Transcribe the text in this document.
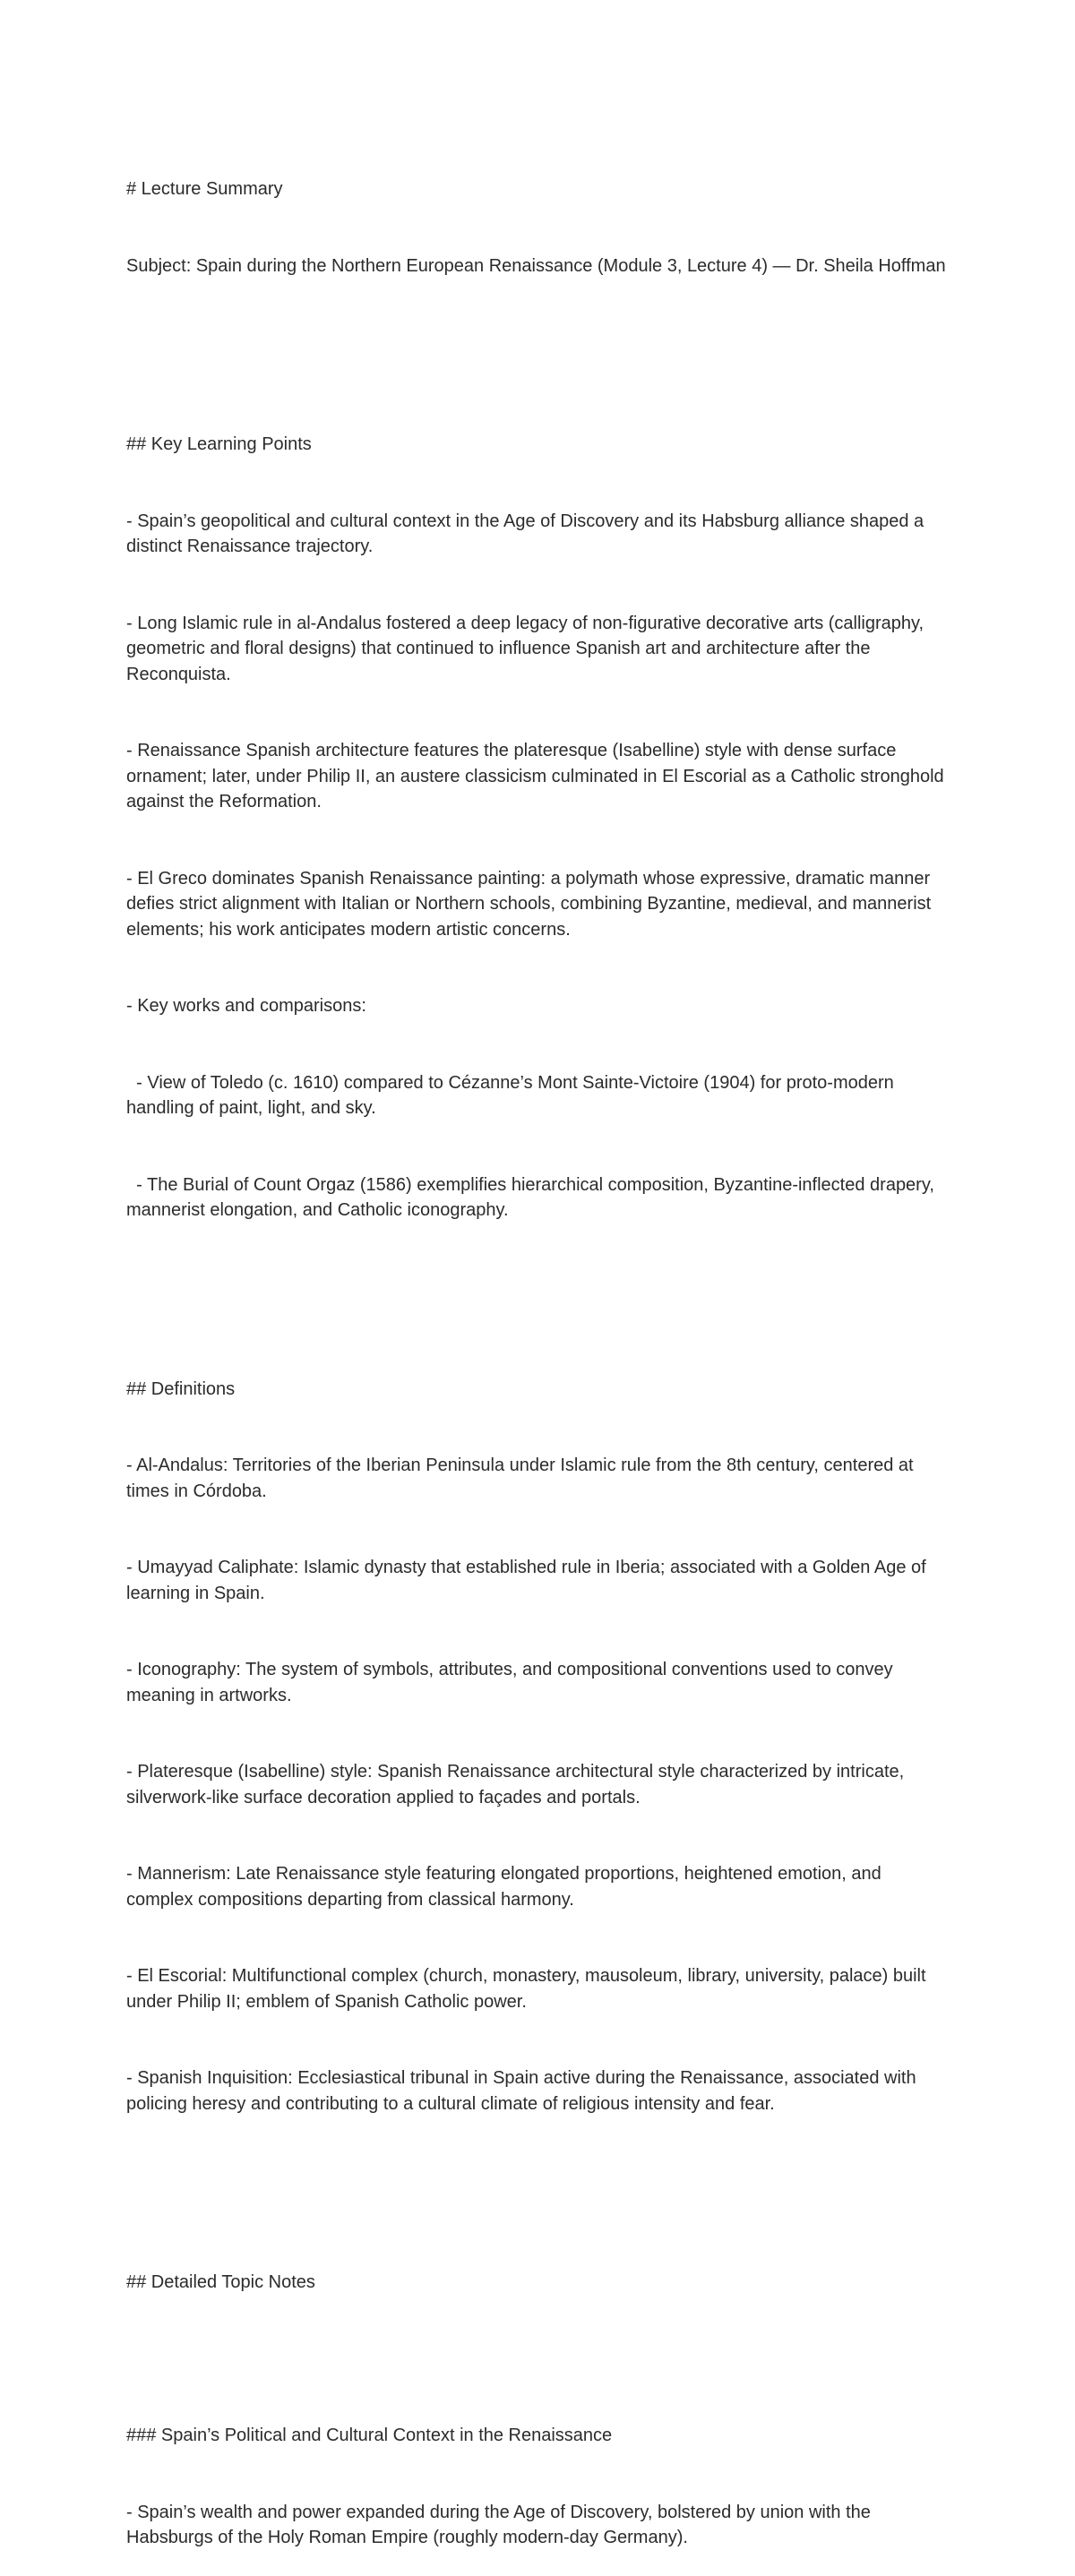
# Lecture Summary

Subject: Spain during the Northern European Renaissance (Module 3, Lecture 4) — Dr. Sheila Hoffman

## Key Learning Points

- Spain’s geopolitical and cultural context in the Age of Discovery and its Habsburg alliance shaped a distinct Renaissance trajectory.

- Long Islamic rule in al-Andalus fostered a deep legacy of non-figurative decorative arts (calligraphy, geometric and floral designs) that continued to influence Spanish art and architecture after the Reconquista.

- Renaissance Spanish architecture features the plateresque (Isabelline) style with dense surface ornament; later, under Philip II, an austere classicism culminated in El Escorial as a Catholic stronghold against the Reformation.

- El Greco dominates Spanish Renaissance painting: a polymath whose expressive, dramatic manner defies strict alignment with Italian or Northern schools, combining Byzantine, medieval, and mannerist elements; his work anticipates modern artistic concerns.

- Key works and comparisons:

- View of Toledo (c. 1610) compared to Cézanne’s Mont Sainte-Victoire (1904) for proto-modern handling of paint, light, and sky.

- The Burial of Count Orgaz (1586) exemplifies hierarchical composition, Byzantine-inflected drapery, mannerist elongation, and Catholic iconography.

## Definitions

- Al-Andalus: Territories of the Iberian Peninsula under Islamic rule from the 8th century, centered at times in Córdoba.

- Umayyad Caliphate: Islamic dynasty that established rule in Iberia; associated with a Golden Age of learning in Spain.

- Iconography: The system of symbols, attributes, and compositional conventions used to convey meaning in artworks.

- Plateresque (Isabelline) style: Spanish Renaissance architectural style characterized by intricate, silverwork-like surface decoration applied to façades and portals.

- Mannerism: Late Renaissance style featuring elongated proportions, heightened emotion, and complex compositions departing from classical harmony.

- El Escorial: Multifunctional complex (church, monastery, mausoleum, library, university, palace) built under Philip II; emblem of Spanish Catholic power.

- Spanish Inquisition: Ecclesiastical tribunal in Spain active during the Renaissance, associated with policing heresy and contributing to a cultural climate of religious intensity and fear.

## Detailed Topic Notes

### Spain’s Political and Cultural Context in the Renaissance

- Spain’s wealth and power expanded during the Age of Discovery, bolstered by union with the Habsburgs of the Holy Roman Empire (roughly modern-day Germany).
